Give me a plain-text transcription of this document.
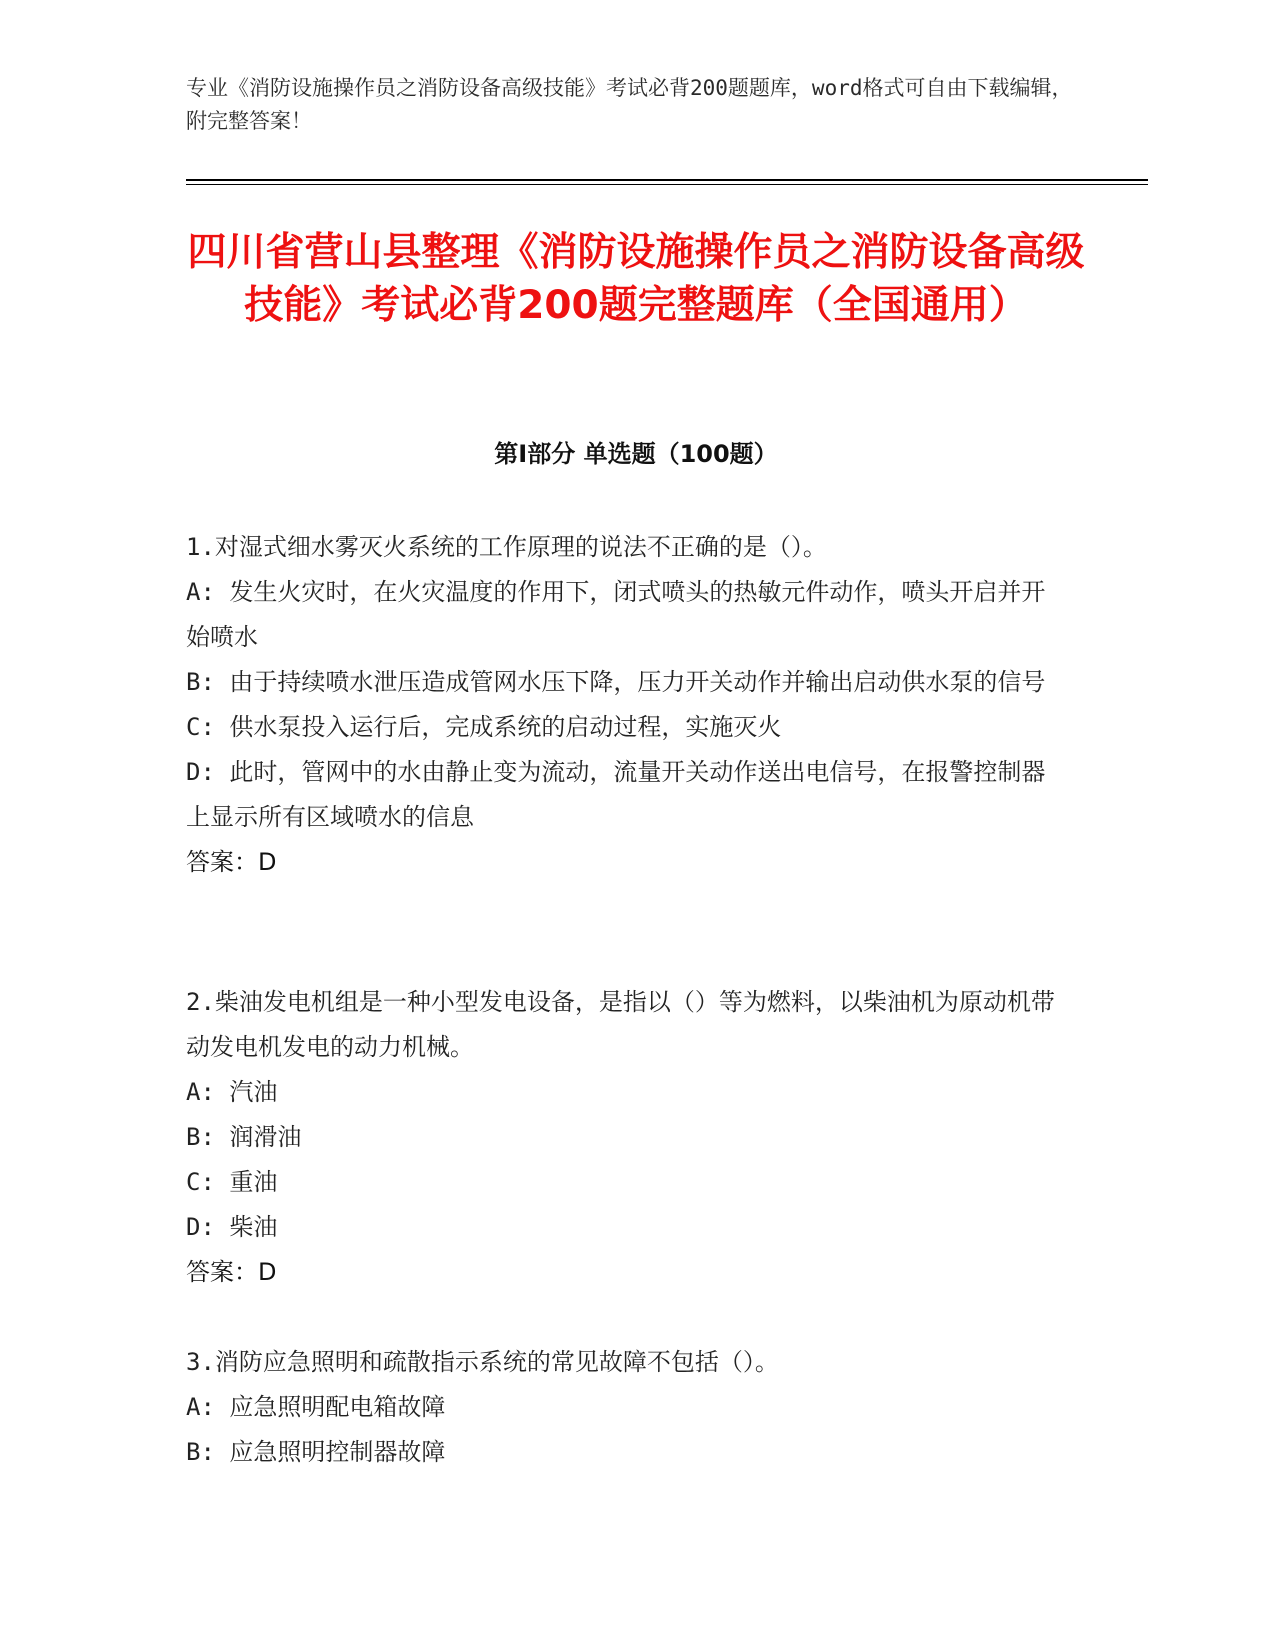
专业《消防设施操作员之消防设备高级技能》考试必背200题题库，word格式可自由下载编辑，附完整答案！
四川省营山县整理《消防设施操作员之消防设备高级技能》考试必背200题完整题库（全国通用）
第I部分 单选题（100题）
1.对湿式细水雾灭火系统的工作原理的说法不正确的是（）。
A: 发生火灾时，在火灾温度的作用下，闭式喷头的热敏元件动作，喷头开启并开始喷水
B: 由于持续喷水泄压造成管网水压下降，压力开关动作并输出启动供水泵的信号
C: 供水泵投入运行后，完成系统的启动过程，实施灭火
D: 此时，管网中的水由静止变为流动，流量开关动作送出电信号，在报警控制器上显示所有区域喷水的信息
答案：D
2.柴油发电机组是一种小型发电设备，是指以（）等为燃料，以柴油机为原动机带动发电机发电的动力机械。
A: 汽油
B: 润滑油
C: 重油
D: 柴油
答案：D
3.消防应急照明和疏散指示系统的常见故障不包括（）。
A: 应急照明配电箱故障
B: 应急照明控制器故障
